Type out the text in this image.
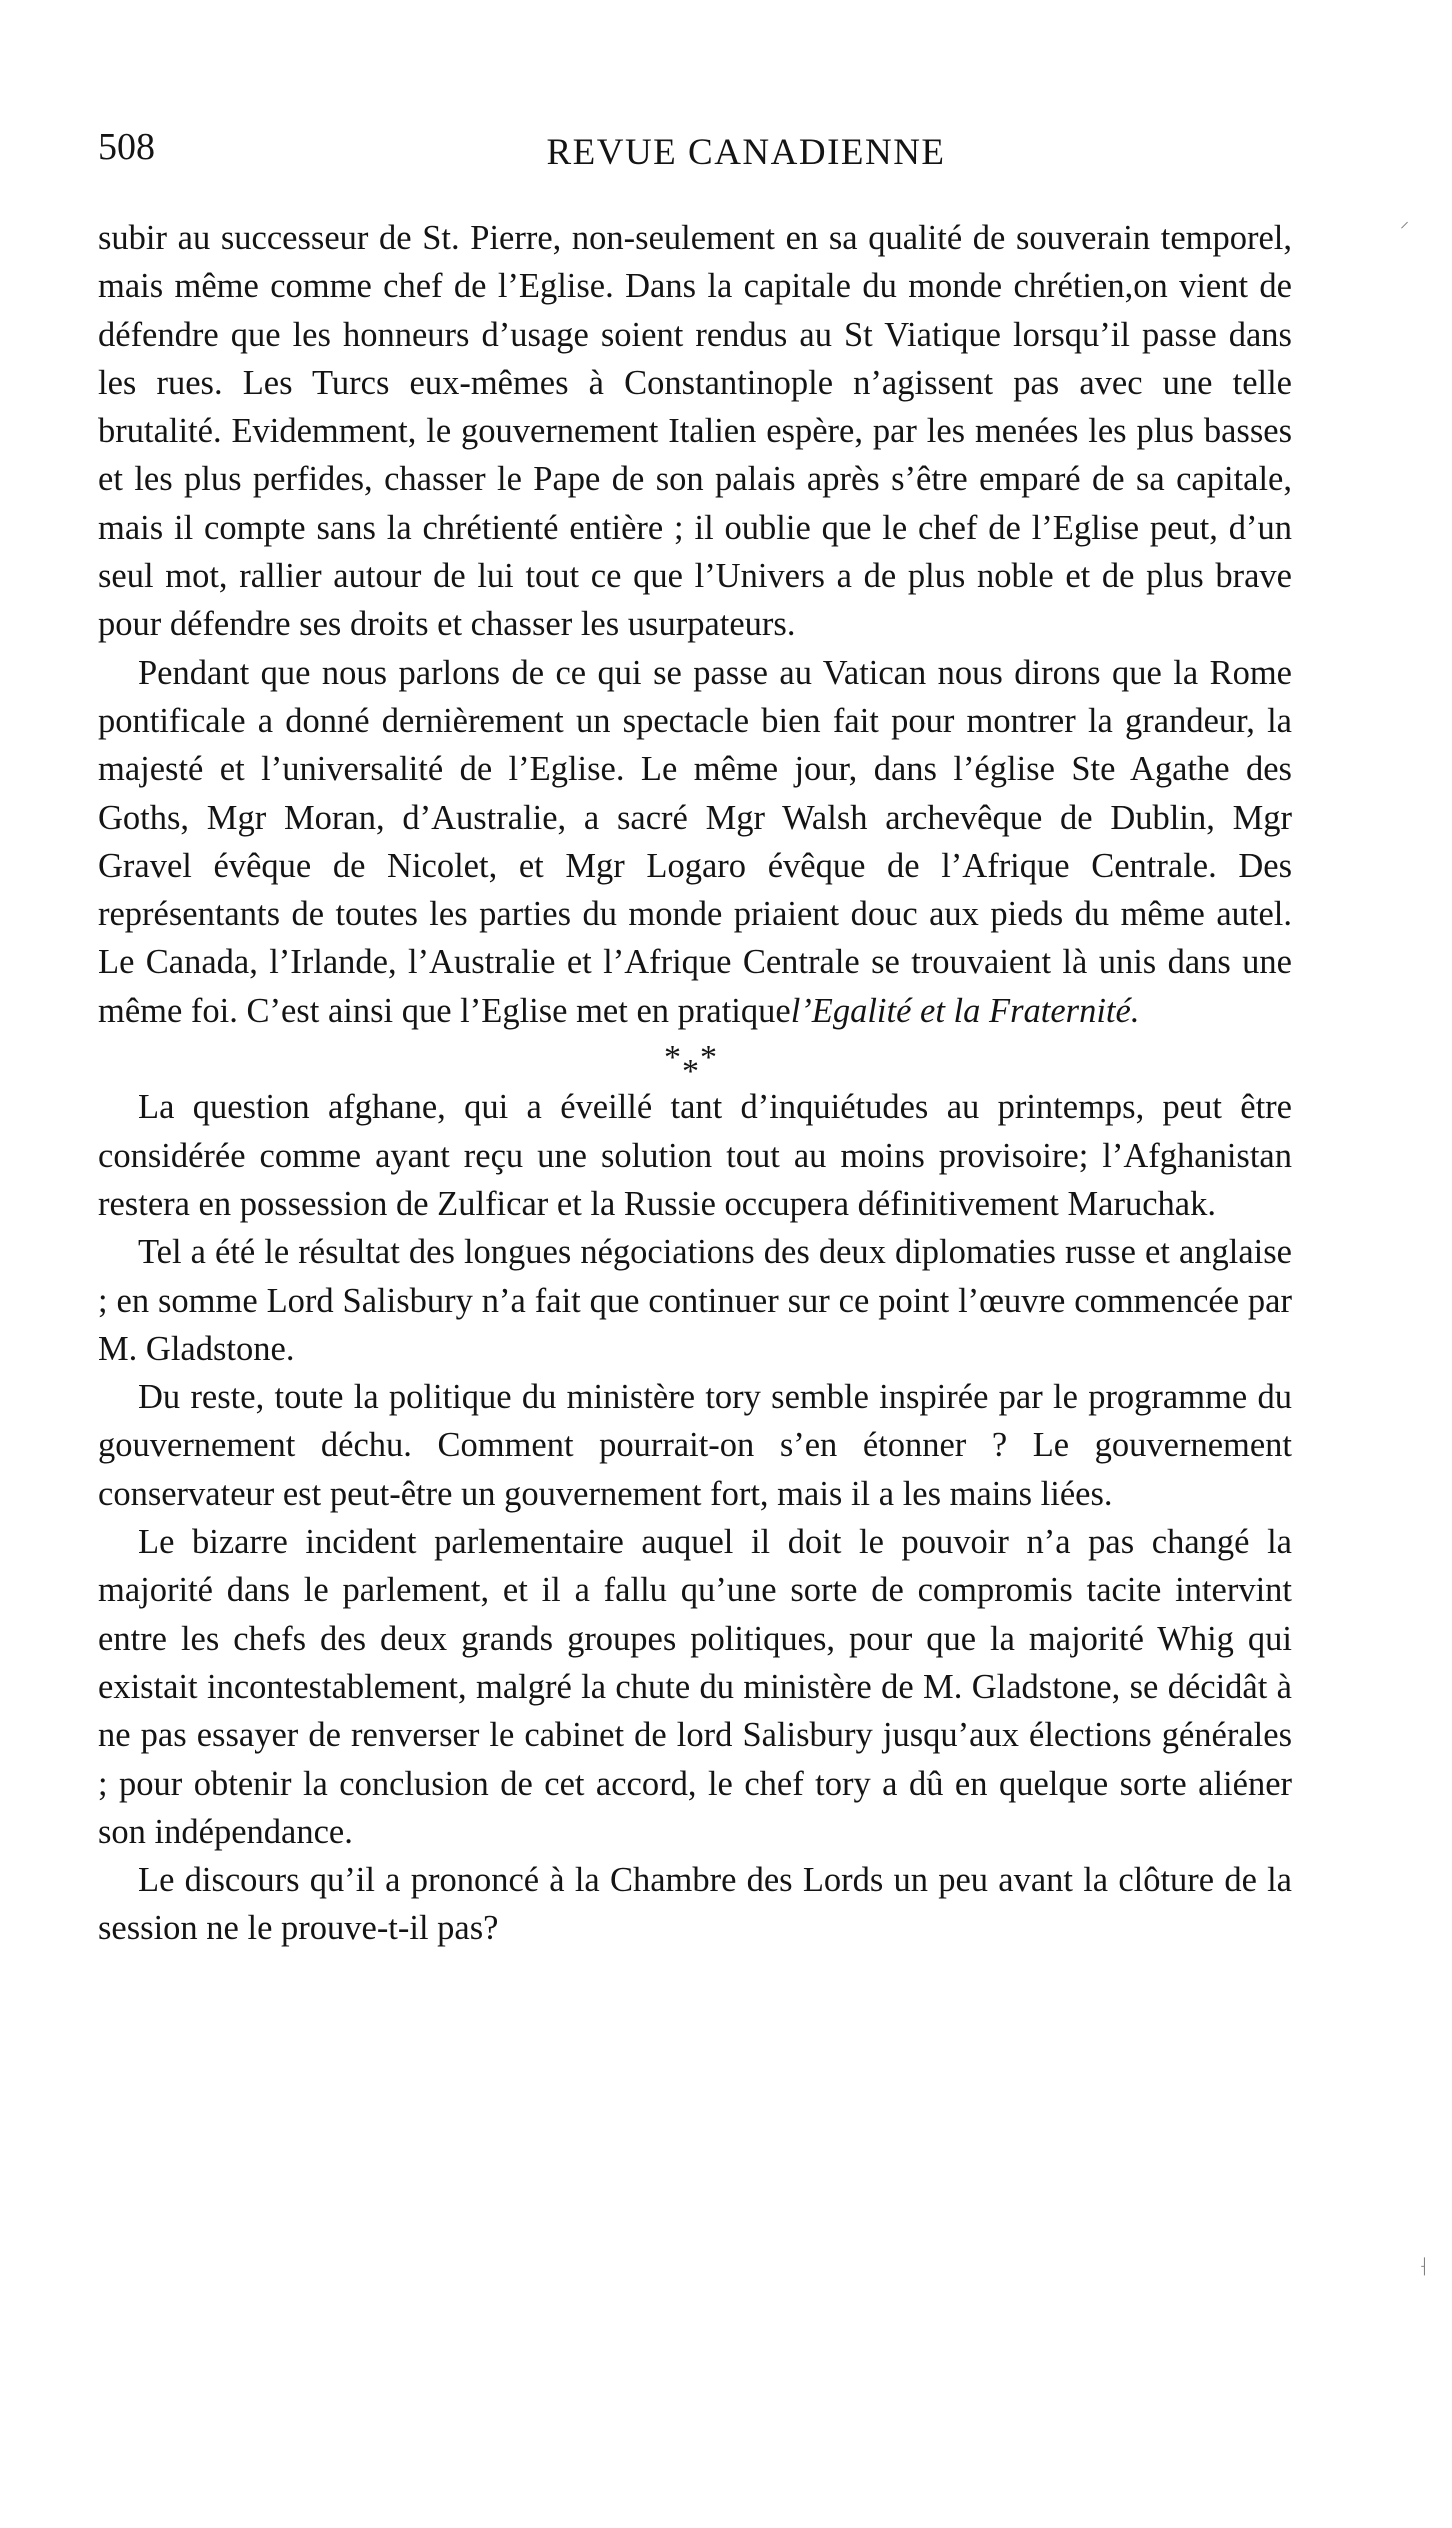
508	REVUE CANADIENNE

subir au successeur de St. Pierre, non-seulement en sa qualité de souverain temporel, mais même comme chef de l’Eglise. Dans la capitale du monde chrétien,on vient de défendre que les honneurs d’usage soient rendus au St Viatique lorsqu’il passe dans les rues. Les Turcs eux-mêmes à Constantinople n’agissent pas avec une telle brutalité. Evidemment, le gouvernement Italien espère, par les menées les plus basses et les plus perfides, chasser le Pape de son palais après s’être emparé de sa capitale, mais il compte sans la chrétienté entière ; il oublie que le chef de l’Eglise peut, d’un seul mot, rallier autour de lui tout ce que l’Univers a de plus noble et de plus brave pour défendre ses droits et chasser les usurpateurs.

Pendant que nous parlons de ce qui se passe au Vatican nous dirons que la Rome pontificale a donné dernièrement un spectacle bien fait pour montrer la grandeur, la majesté et l’universalité de l’Eglise. Le même jour, dans l’église Ste Agathe des Goths, Mgr Moran, d’Australie, a sacré Mgr Walsh archevêque de Dublin, Mgr Gravel évêque de Nicolet, et Mgr Logaro évêque de l’Afrique Centrale. Des représentants de toutes les parties du monde priaient douc aux pieds du même autel. Le Canada, l’Irlande, l’Australie et l’Afrique Centrale se trouvaient là unis dans une même foi. C’est ainsi que l’Eglise met en pratiquel’Egalité et la Fraternité.

* * *

La question afghane, qui a éveillé tant d’inquiétudes au printemps, peut être considérée comme ayant reçu une solution tout au moins provisoire; l’Afghanistan restera en possession de Zulficar et la Russie occupera définitivement Maruchak.

Tel a été le résultat des longues négociations des deux diplomaties russe et anglaise ; en somme Lord Salisbury n’a fait que continuer sur ce point l’œuvre commencée par M. Gladstone.

Du reste, toute la politique du ministère tory semble inspirée par le programme du gouvernement déchu. Comment pourrait-on s’en étonner ? Le gouvernement conservateur est peut-être un gouvernement fort, mais il a les mains liées.

Le bizarre incident parlementaire auquel il doit le pouvoir n’a pas changé la majorité dans le parlement, et il a fallu qu’une sorte de compromis tacite intervint entre les chefs des deux grands groupes politiques, pour que la majorité Whig qui existait incontestablement, malgré la chute du ministère de M. Gladstone, se décidât à ne pas essayer de renverser le cabinet de lord Salisbury jusqu’aux élections générales ; pour obtenir la conclusion de cet accord, le chef tory a dû en quelque sorte aliéner son indépendance.

Le discours qu’il a prononcé à la Chambre des Lords un peu avant la clôture de la session ne le prouve-t-il pas?

⸝
⸡
